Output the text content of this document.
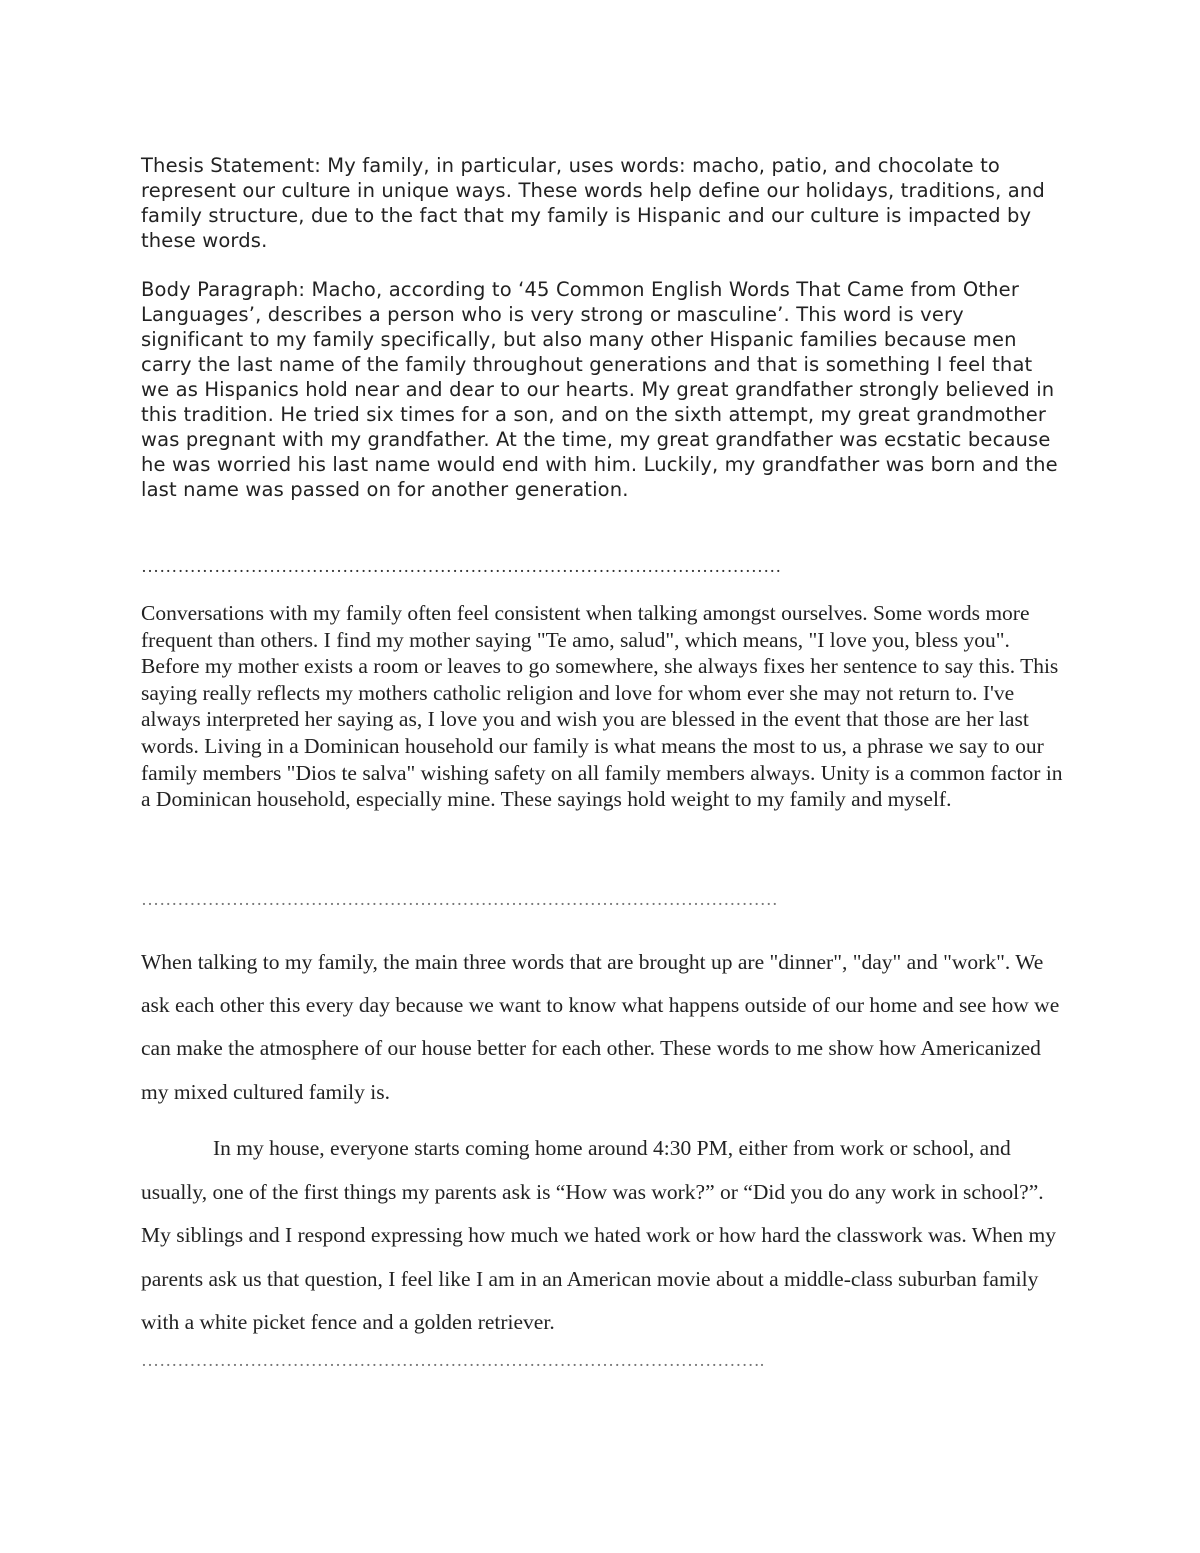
Thesis Statement: My family, in particular, uses words: macho, patio, and chocolate to represent our culture in unique ways. These words help define our holidays, traditions, and family structure, due to the fact that my family is Hispanic and our culture is impacted by these words.

Body Paragraph: Macho, according to ‘45 Common English Words That Came from Other Languages’, describes a person who is very strong or masculine’. This word is very significant to my family specifically, but also many other Hispanic families because men carry the last name of the family throughout generations and that is something I feel that we as Hispanics hold near and dear to our hearts. My great grandfather strongly believed in this tradition. He tried six times for a son, and on the sixth attempt, my great grandmother was pregnant with my grandfather. At the time, my great grandfather was ecstatic because he was worried his last name would end with him. Luckily, my grandfather was born and the last name was passed on for another generation.

……………………………………………………………………………………………

Conversations with my family often feel consistent when talking amongst ourselves. Some words more frequent than others. I find my mother saying "Te amo, salud", which means, "I love you, bless you". Before my mother exists a room or leaves to go somewhere, she always fixes her sentence to say this. This saying really reflects my mothers catholic religion and love for whom ever she may not return to. I've always interpreted her saying as, I love you and wish you are blessed in the event that those are her last words. Living in a Dominican household our family is what means the most to us, a phrase we say to our family members "Dios te salva" wishing safety on all family members always. Unity is a common factor in a Dominican household, especially mine. These sayings hold weight to my family and myself.

……………………………………………………………………………………………

When talking to my family, the main three words that are brought up are "dinner", "day" and "work". We ask each other this every day because we want to know what happens outside of our home and see how we can make the atmosphere of our house better for each other. These words to me show how Americanized my mixed cultured family is.

In my house, everyone starts coming home around 4:30 PM, either from work or school, and usually, one of the first things my parents ask is “How was work?” or “Did you do any work in school?”. My siblings and I respond expressing how much we hated work or how hard the classwork was. When my parents ask us that question, I feel like I am in an American movie about a middle-class suburban family with a white picket fence and a golden retriever.

………………………………………………………………………………………….
